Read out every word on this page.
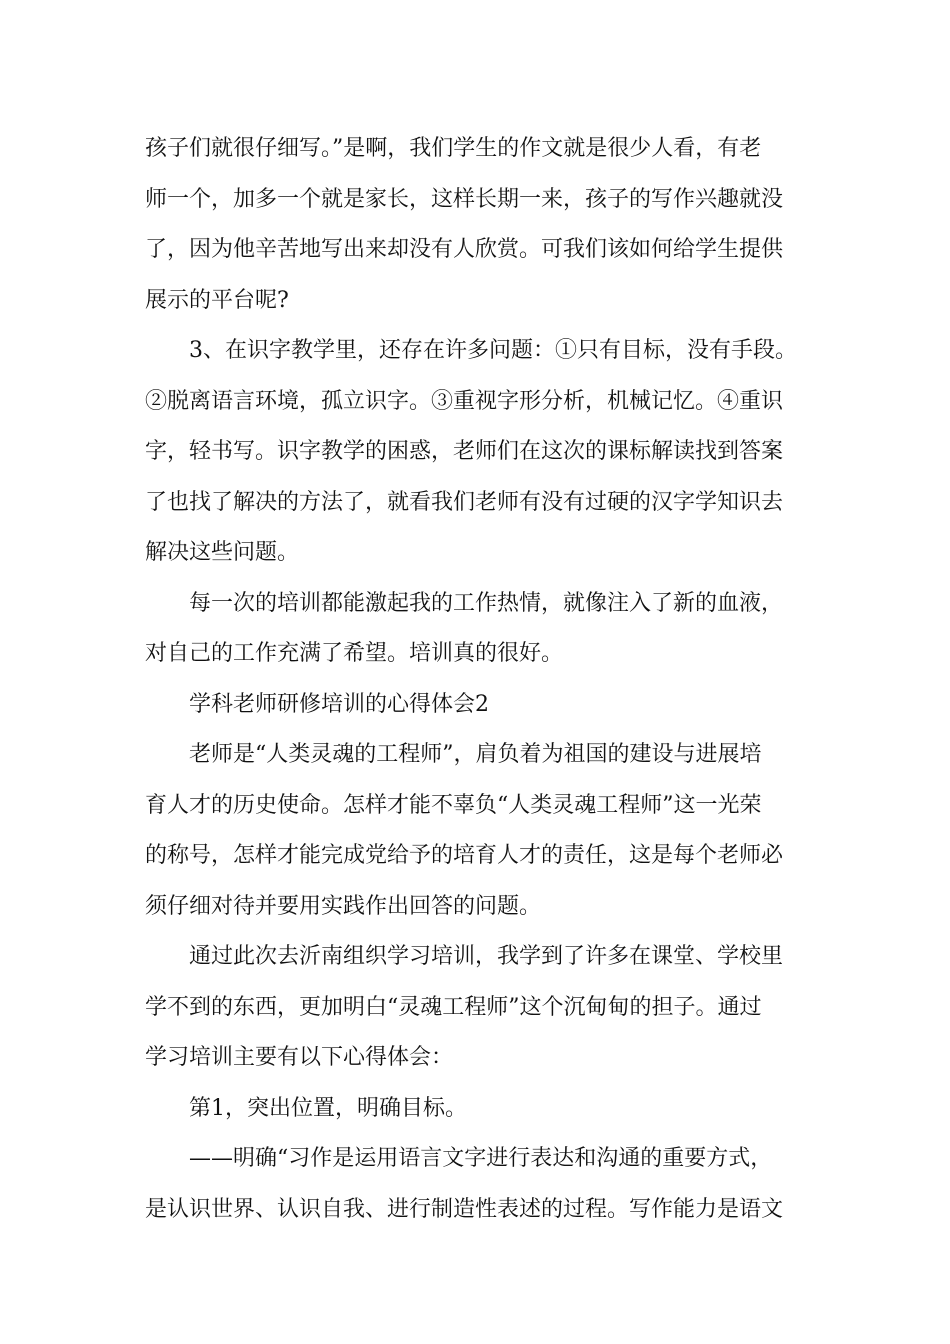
孩子们就很仔细写。”是啊，我们学生的作文就是很少人看，有老
师一个，加多一个就是家长，这样长期一来，孩子的写作兴趣就没
了，因为他辛苦地写出来却没有人欣赏。可我们该如何给学生提供
展示的平台呢?
3、在识字教学里，还存在许多问题：①只有目标，没有手段。
②脱离语言环境，孤立识字。③重视字形分析，机械记忆。④重识
字，轻书写。识字教学的困惑，老师们在这次的课标解读找到答案
了也找了解决的方法了，就看我们老师有没有过硬的汉字学知识去
解决这些问题。
每一次的培训都能激起我的工作热情，就像注入了新的血液，
对自己的工作充满了希望。培训真的很好。
学科老师研修培训的心得体会2
老师是“人类灵魂的工程师”，肩负着为祖国的建设与进展培
育人才的历史使命。怎样才能不辜负“人类灵魂工程师”这一光荣
的称号，怎样才能完成党给予的培育人才的责任，这是每个老师必
须仔细对待并要用实践作出回答的问题。
通过此次去沂南组织学习培训，我学到了许多在课堂、学校里
学不到的东西，更加明白“灵魂工程师”这个沉甸甸的担子。通过
学习培训主要有以下心得体会：
第1，突出位置，明确目标。
——明确“习作是运用语言文字进行表达和沟通的重要方式，
是认识世界、认识自我、进行制造性表述的过程。写作能力是语文
